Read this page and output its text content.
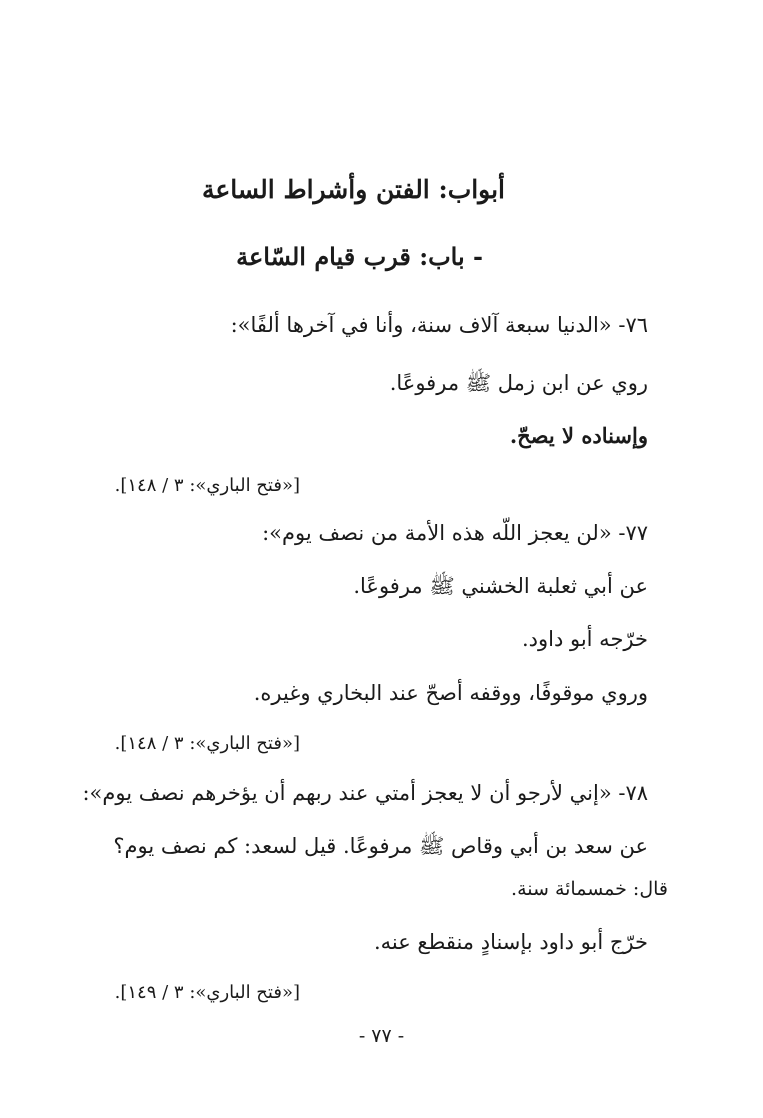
أبواب: الفتن وأشراط الساعة
- باب: قرب قيام السّاعة
٧٦- «الدنيا سبعة آلاف سنة، وأنا في آخرها ألفًا»:
روي عن ابن زمل ﷺ مرفوعًا.
وإسناده لا يصحّ.
[«فتح الباري»: ٣ / ١٤٨].
٧٧- «لن يعجز اللّه هذه الأمة من نصف يوم»:
عن أبي ثعلبة الخشني ﷺ مرفوعًا.
خرّجه أبو داود.
وروي موقوفًا، ووقفه أصحّ عند البخاري وغيره.
[«فتح الباري»: ٣ / ١٤٨].
٧٨- «إني لأرجو أن لا يعجز أمتي عند ربهم أن يؤخرهم نصف يوم»:
عن سعد بن أبي وقاص ﷺ مرفوعًا. قيل لسعد: كم نصف يوم؟
قال: خمسمائة سنة.
خرّج أبو داود بإسنادٍ منقطع عنه.
[«فتح الباري»: ٣ / ١٤٩].
- ٧٧ -
